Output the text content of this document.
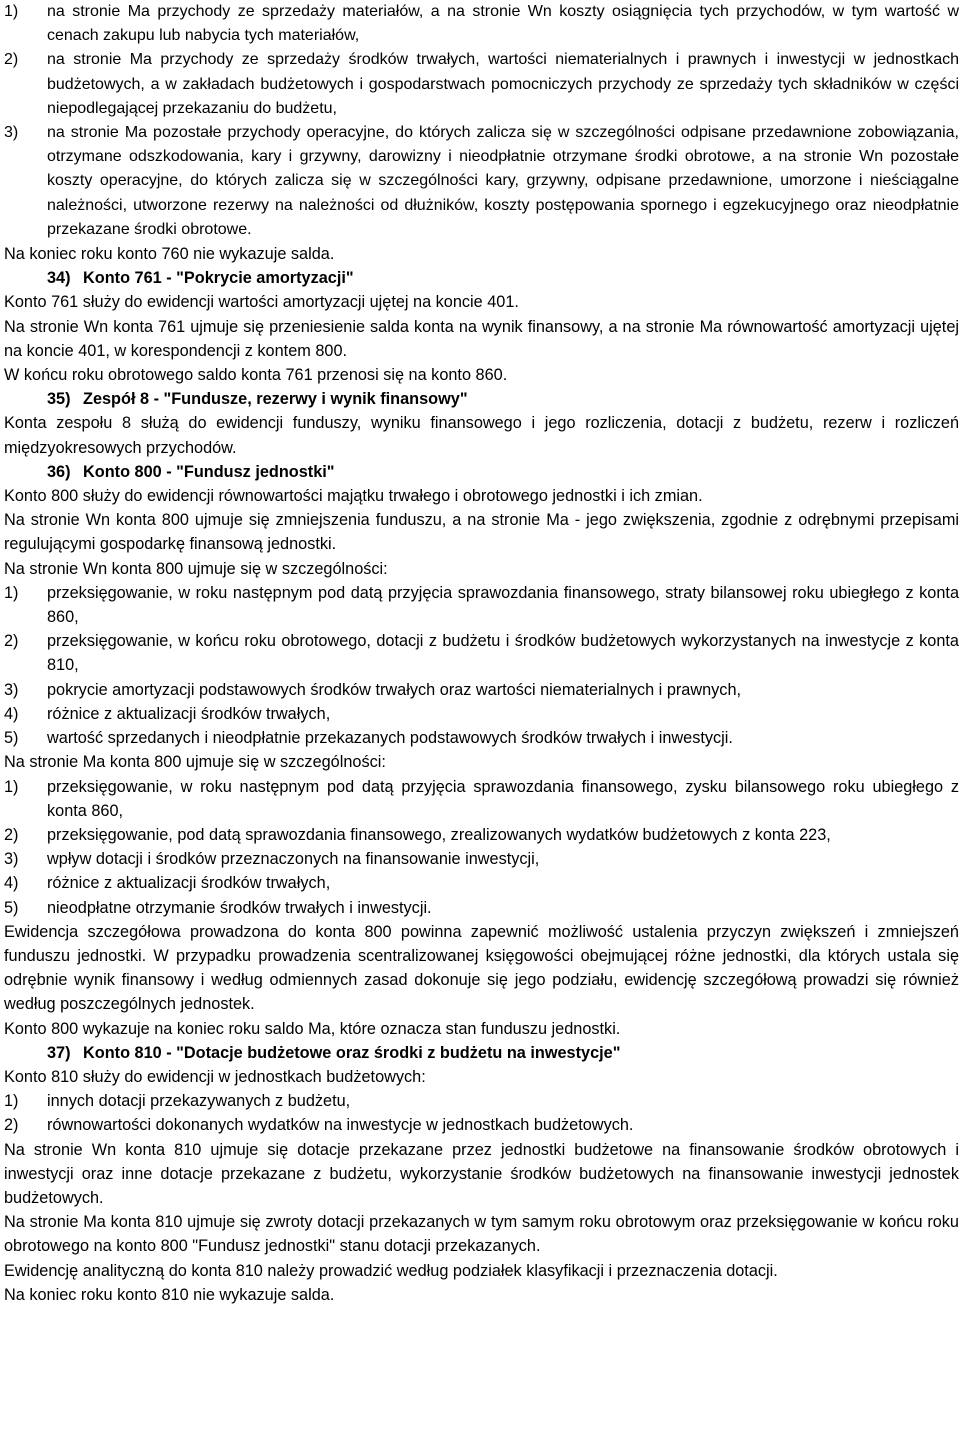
1)	na stronie Ma przychody ze sprzedaży materiałów, a na stronie Wn koszty osiągnięcia tych przychodów, w tym wartość w cenach zakupu lub nabycia tych materiałów,
2)	na stronie Ma przychody ze sprzedaży środków trwałych, wartości niematerialnych i prawnych i inwestycji w jednostkach budżetowych, a w zakładach budżetowych i gospodarstwach pomocniczych przychody ze sprzedaży tych składników w części niepodlegającej przekazaniu do budżetu,
3)	na stronie Ma pozostałe przychody operacyjne, do których zalicza się w szczególności odpisane przedawnione zobowiązania, otrzymane odszkodowania, kary i grzywny, darowizny i nieodpłatnie otrzymane środki obrotowe, a na stronie Wn pozostałe koszty operacyjne, do których zalicza się w szczególności kary, grzywny, odpisane przedawnione, umorzone i nieściągalne należności, utworzone rezerwy na należności od dłużników, koszty postępowania spornego i egzekucyjnego oraz nieodpłatnie przekazane środki obrotowe.

Na koniec roku konto 760 nie wykazuje salda.

34) Konto 761 - "Pokrycie amortyzacji"

Konto 761 służy do ewidencji wartości amortyzacji ujętej na koncie 401.

Na stronie Wn konta 761 ujmuje się przeniesienie salda konta na wynik finansowy, a na stronie Ma równowartość amortyzacji ujętej na koncie 401, w korespondencji z kontem 800.

W końcu roku obrotowego saldo konta 761 przenosi się na konto 860.

35) Zespół 8 - "Fundusze, rezerwy i wynik finansowy"

Konta zespołu 8 służą do ewidencji funduszy, wyniku finansowego i jego rozliczenia, dotacji z budżetu, rezerw i rozliczeń międzyokresowych przychodów.

36) Konto 800 - "Fundusz jednostki"

Konto 800 służy do ewidencji równowartości majątku trwałego i obrotowego jednostki i ich zmian.

Na stronie Wn konta 800 ujmuje się zmniejszenia funduszu, a na stronie Ma - jego zwiększenia, zgodnie z odrębnymi przepisami regulującymi gospodarkę finansową jednostki.

Na stronie Wn konta 800 ujmuje się w szczególności:

1)	przeksięgowanie, w roku następnym pod datą przyjęcia sprawozdania finansowego, straty bilansowej roku ubiegłego z konta 860,
2)	przeksięgowanie, w końcu roku obrotowego, dotacji z budżetu i środków budżetowych wykorzystanych na inwestycje z konta 810,
3)	pokrycie amortyzacji podstawowych środków trwałych oraz wartości niematerialnych i prawnych,
4)	różnice z aktualizacji środków trwałych,
5)	wartość sprzedanych i nieodpłatnie przekazanych podstawowych środków trwałych i inwestycji.

Na stronie Ma konta 800 ujmuje się w szczególności:

1)	przeksięgowanie, w roku następnym pod datą przyjęcia sprawozdania finansowego, zysku bilansowego roku ubiegłego z konta 860,
2)	przeksięgowanie, pod datą sprawozdania finansowego, zrealizowanych wydatków budżetowych z konta 223,
3)	wpływ dotacji i środków przeznaczonych na finansowanie inwestycji,
4)	różnice z aktualizacji środków trwałych,
5)	nieodpłatne otrzymanie środków trwałych i inwestycji.

Ewidencja szczegółowa prowadzona do konta 800 powinna zapewnić możliwość ustalenia przyczyn zwiększeń i zmniejszeń funduszu jednostki. W przypadku prowadzenia scentralizowanej księgowości obejmującej różne jednostki, dla których ustala się odrębnie wynik finansowy i według odmiennych zasad dokonuje się jego podziału, ewidencję szczegółową prowadzi się również według poszczególnych jednostek.

Konto 800 wykazuje na koniec roku saldo Ma, które oznacza stan funduszu jednostki.

37) Konto 810 - "Dotacje budżetowe oraz środki z budżetu na inwestycje"

Konto 810 służy do ewidencji w jednostkach budżetowych:

1)	innych dotacji przekazywanych z budżetu,
2)	równowartości dokonanych wydatków na inwestycje w jednostkach budżetowych.

Na stronie Wn konta 810 ujmuje się dotacje przekazane przez jednostki budżetowe na finansowanie środków obrotowych i inwestycji oraz inne dotacje przekazane z budżetu, wykorzystanie środków budżetowych na finansowanie inwestycji jednostek budżetowych.

Na stronie Ma konta 810 ujmuje się zwroty dotacji przekazanych w tym samym roku obrotowym oraz przeksięgowanie w końcu roku obrotowego na konto 800 "Fundusz jednostki" stanu dotacji przekazanych.

Ewidencję analityczną do konta 810 należy prowadzić według podziałek klasyfikacji i przeznaczenia dotacji.

Na koniec roku konto 810 nie wykazuje salda.
